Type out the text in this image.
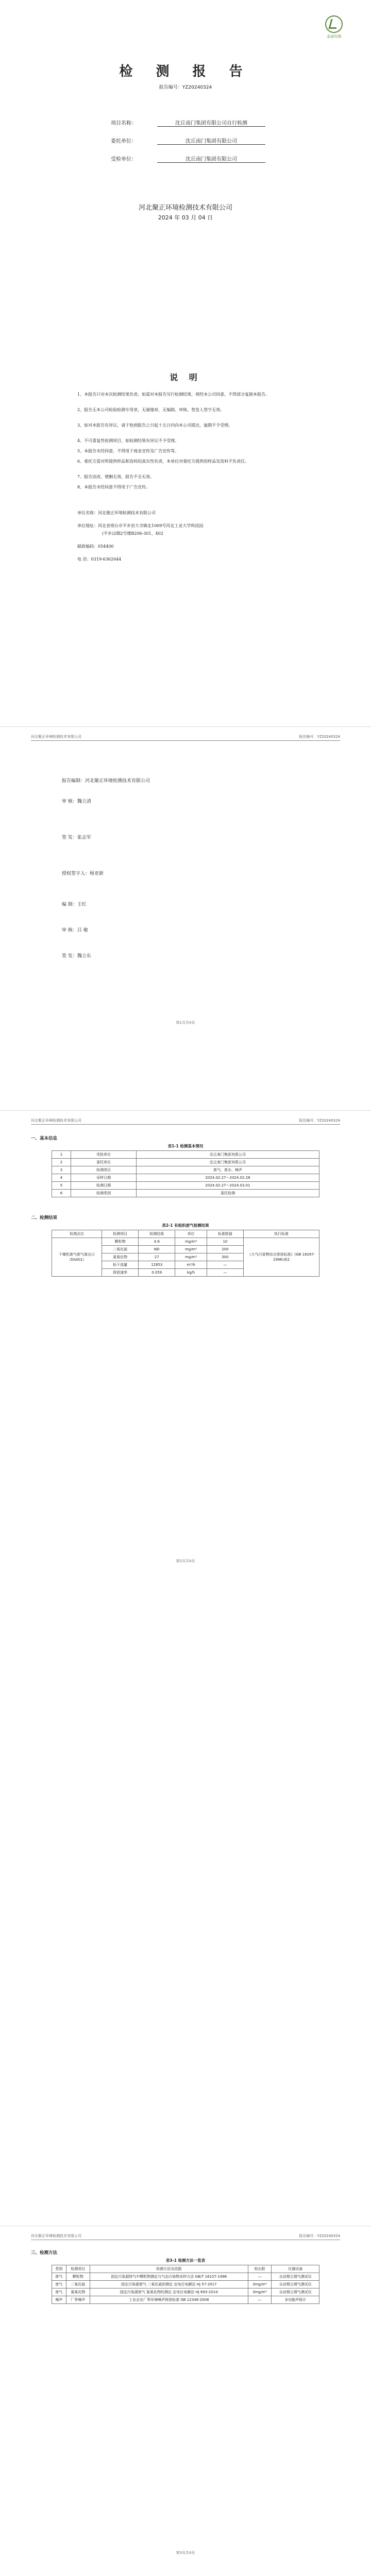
金诺环测
检 测 报 告
报告编号：YZ20240324
项目名称：	沈丘南门集团有限公司自行检测
委托单位：	沈丘南门集团有限公司
受检单位：	沈丘南门集团有限公司
河北聚正环境检测技术有限公司
2024 年 03 月 04 日
说 明
1、本报告只对本次检测结果负责，如需对本报告另行检测结果，须经本公司同意，不得部分复制本报告。
2、报告无本公司检验检测专用章，无骑缝章，无编制、审核、签发人签字无效。
3、如对本报告有异议，请于收到报告之日起十五日内向本公司提出，逾期不予受理。
4、不可重复性检测项目，如检测结果有异议不予受理。
5、本报告未经同意，不得用于商业宣传及广告宣传等。
6、委托方需对所提供样品和资料的真实性负责，本单位对委托方提供的样品及资料不负责任。
7、报告涂改、增删无效，报告不全无效。
8、本报告未经同意不得用于广告宣传。
单位名称：河北聚正环境检测技术有限公司
单位地址：河北省邢台市平乡县大寺镇北1009号河北工业大学科技园
(平乡)2期2号楼B206-301、402
邮政编码：054400
电 话：0319-6362644
河北聚正环境检测技术有限公司	报告编号：YZ20240324
报告编制：河北聚正环境检测技术有限公司
审 核：魏立清
签 发：张志军
授权签字人：杨亚新
编 制：王红
审 核：吕 敏
签 发：魏立东
第1页共4页
河北聚正环境检测技术有限公司	报告编号：YZ20240324
一、基本信息
表1-1 检测基本情况
1	受检单位	沈丘南门集团有限公司
2	委托单位	沈丘南门集团有限公司
3	检测项目	废气、废水、噪声
4	采样日期	2024.02.27～2024.02.28
5	检测日期	2024.02.27～2024.03.01
6	检测类别	委托检测
二、检测结果
表2-1 有组织废气检测结果
检测点位	检测项目	检测结果	单位	标准限值	执行标准
干燥机废气排气筒出口（DA001）	颗粒物	4.6	mg/m³	10	《大气污染物综合排放标准》(GB 16297-1996)表2
	二氧化硫	ND	mg/m³	200	
	氮氧化物	27	mg/m³	300	
	标干流量	12853	m³/h	—	
	排放速率	0.059	kg/h	—	
第2页共4页
河北聚正环境检测技术有限公司	报告编号：YZ20240324
三、检测方法
表3-1 检测方法一览表
类别	检测项目	检测方法及依据	检出限	仪器设备
废气	颗粒物	固定污染源排气中颗粒物测定与气态污染物采样方法 GB/T 16157-1996	—	自动烟尘烟气测试仪
废气	二氧化硫	固定污染源废气 二氧化硫的测定 定电位电解法 HJ 57-2017	3mg/m³	自动烟尘烟气测试仪
废气	氮氧化物	固定污染源废气 氮氧化物的测定 定电位电解法 HJ 693-2014	3mg/m³	自动烟尘烟气测试仪
噪声	厂界噪声	工业企业厂界环境噪声排放标准 GB 12348-2008	—	多功能声级计
第3页共4页
